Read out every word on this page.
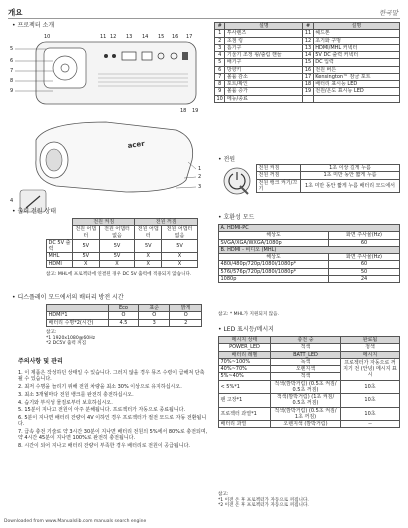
개요	한국말
• 프로젝터 소개
10	11 12 13 14 15 16 17
5
6
7
8
9
18 19
acer
1
2
3
4
#	설명	#	설명
1	투사렌즈	11	헤드폰
2	초점 링	12	초기화 구멍
3	흡기구	13	HDMI/MHL 커넥터
4	기울기 조정 핑/출림 핸들	14	5V DC 출력 커넥터
5	배기구	15	DC 입력
6	방향키	16	전원 버튼
7	볼륨 감소	17	Kensington™ 잠금 포트
8	포트/확인	18	배터리 표시등 LED
9	볼륨 증가	19	전원/온도 표시등 LED
10	메뉴/종료		
• 전원
전원 켜짐	1초 이상 길게 누름
전원 꺼짐	1초 미만 동안 짧게 누름
전원 뱅크 켜기/끄기	1초 미만 동안 짧게 누름 배터리 모드에서
• 출력 전원 상태
	전원 켜짐		전원 꺼짐	
	전원 어댑터	전원 어댑터 없음	전원 어댑터	전원 어댑터 없음
DC 5V 출력	5V	5V	5V	5V
MHL	5V	5V	X	X
HDMI	X	X	X	X
참고: MHL에 프로젝터에 연결된 경우 DC 5V 출력에 적용되지 않습니다.
• 디스플레이 모드에서의 배터리 방전 시간
	Eco	표준	밝게
HDMI*1	O	O	O
배터리 수명*2(시간)	4.5	3	2
참고:
*1 1920x1080@60Hz
*2 DC5V 출력 꺼짐
주의사항 및 관리
1. 이 제품은 작성하던 상태일 수 있습니다. 그러지 않을 경우 뮤즈 수령이 급해져 단축될 수 있습니다.
2. 최저 수명을 늘리기 위해 전원 차량을 최소 30% 이상으로 유지하십시오.
3. 최소 3개월마다 전원 뱅크를 완전히 충전하십시오.
4. 습기와 부식성 물질로부터 보호하십시오.
5. 15분이 지나고 전원이 아주 분해됩니다. 프로젝터가 자동으로 종료됩니다.
6. 5분이 지나면 배터리 잔량이 4V 이하인 경우 프로젝터가 절전 모드로 자동 전환됩니다.
7. 급속 충전 기술로 약 3시간 30분이 지나면 배터리 전원의 5%에서 80%로 충전되며, 약 4시간 45분이 지나면 100%로 완전히 충전됩니다.
8. 시간이 되어 지나고 배터리 잔량이 부족한 경우 배터리로 전원이 공급됩니다.
• 호환성 모드
A. HDMI-PC	
해상도	화면 주사율(Hz)
SVGA/XGA/WXGA/1080p	60
B. HDMI - 비디오 (MHL)	
해상도	화면 주사율(Hz)
480i/480p/720p/1080i/1080p*	60
576i/576p/720p/1080i/1080p*	50
1080p	24
참고: * MHL가 지원되지 않음.
• LED 표시등/메시지
메시지 상태	충전 중	완료됨
POWER_LED	적색	청색
배터리 레벨	BATT_LED	메시지
70%~100%	녹색	프로젝터가 자동으로 꺼지기 전 (안녕) 메시지 표시
40%~70%	오렌지색	
5%~40%	적색	
< 5%*1	적색(깜박거림) (0.5초 켜짐/ 0.5초 꺼짐)	10초
팬 고장*1	적색(깜박거림) (1초 켜짐/ 0.5초 꺼짐)	10초
프로젝터 과열*1	적색(깜박거림) (0.5초 켜짐/ 1초 꺼짐)	10초
배터리 과열	오렌지색 (깜박거림)	--
참고:
*1 이전 온 후 프로젝터가 자동으로 꺼집니다.
*2 이전 온 후 프로젝터가 자동으로 꺼집니다.
Downloaded from www.Manualslib.com manuals search engine
